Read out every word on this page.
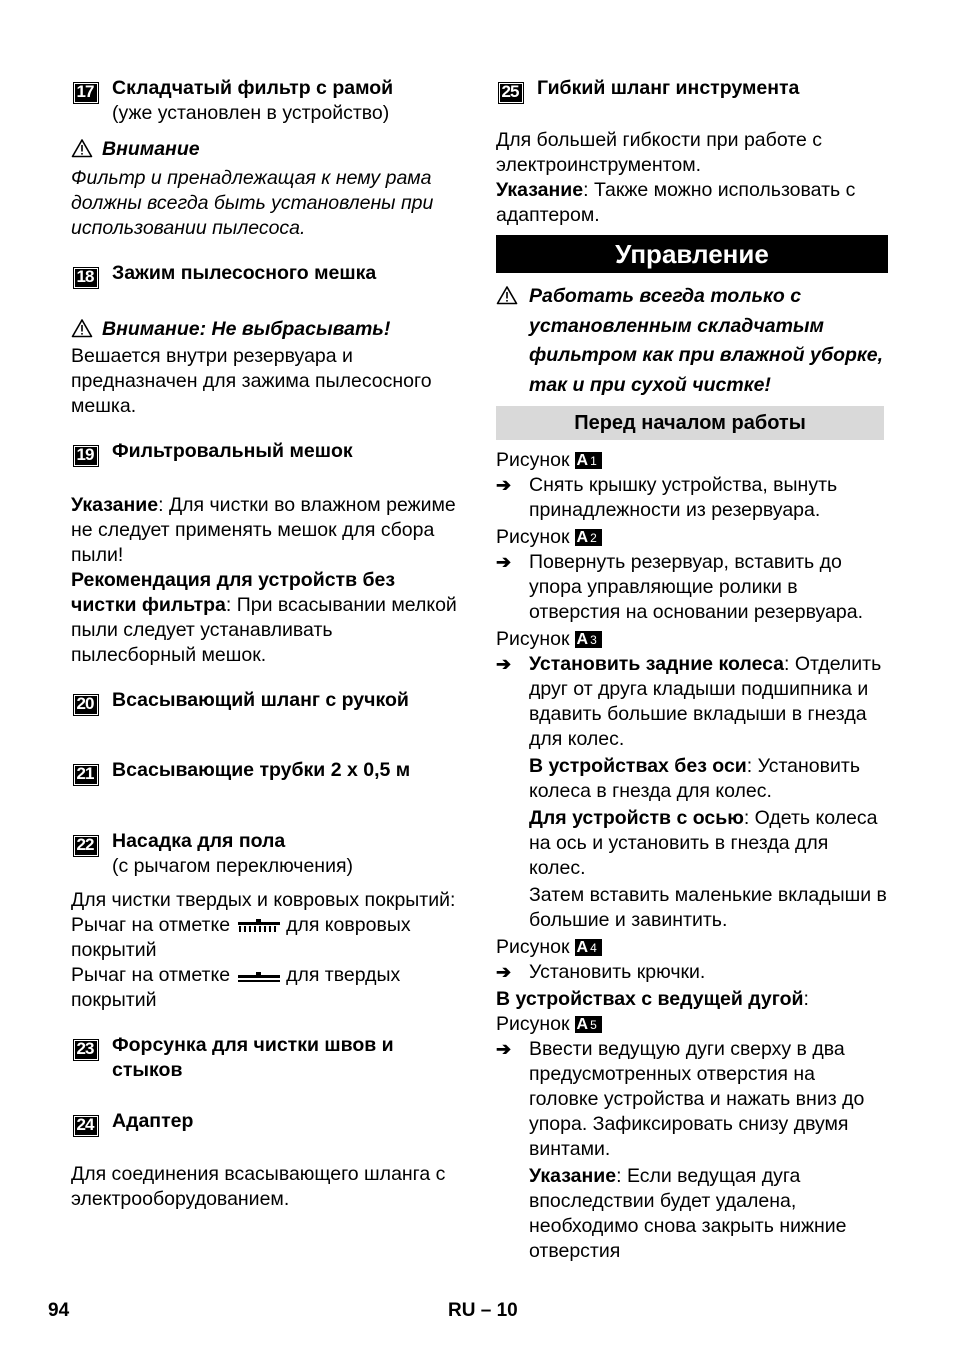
17 Складчатый фильтр с рамой

(уже установлен в устройство)

Внимание

Фильтр и пренадлежащая к нему рама должны всегда быть установлены при использовании пылесоса.

18 Зажим пылесосного мешка

Внимание: Не выбрасывать!

Вешается внутри резервуара и предназначен для зажима пылесосного мешка.

19 Фильтровальный мешок

Указание: Для чистки во влажном режиме не следует применять мешок для сбора пыли!

Рекомендация для устройств без чистки фильтра: При всасывании мелкой пыли следует устанавливать пылесборный мешок.

20 Всасывающий шланг с ручкой

21 Всасывающие трубки 2 x 0,5 м

22 Насадка для пола

(с рычагом переключения)

Для чистки твердых и ковровых покрытий:

Рычаг на отметке	для ковровых покрытий

Рычаг на отметке	для твердых покрытий

23 Форсунка для чистки швов и стыков

24 Адаптер

Для соединения всасывающего шланга с электрооборудованием.

25 Гибкий шланг инструмента

Для большей гибкости при работе с электроинструментом.

Указание: Также можно использовать с адаптером.

Управление
Работать всегда только с установленным складчатым фильтром как при влажной уборке, так и при сухой чистке!
Перед началом работы

Рисунок A 1

➔ Снять крышку устройства, вынуть принадлежности из резервуара.

Рисунок A 2

➔ Повернуть резервуар, вставить до упора управляющие ролики в отверстия на основании резервуара.

Рисунок A 3

➔ Установить задние колеса: Отделить друг от друга кладыши подшипника и вдавить большие вкладыши в гнезда для колес.

В устройствах без оси: Установить колеса в гнезда для колес.

Для устройств с осью: Одеть колеса на ось и установить в гнезда для колес.

Затем вставить маленькие вкладыши в большие и завинтить.

Рисунок A 4

➔ Установить крючки.

В устройствах с ведущей дугой:

Рисунок A 5

➔ Ввести ведущую дуги сверху в два предусмотренных отверстия на головке устройства и нажать вниз до упора. Зафиксировать снизу двумя винтами.

Указание: Если ведущая дуга впоследствии будет удалена, необходимо снова закрыть нижние отверстия

94	RU – 10
